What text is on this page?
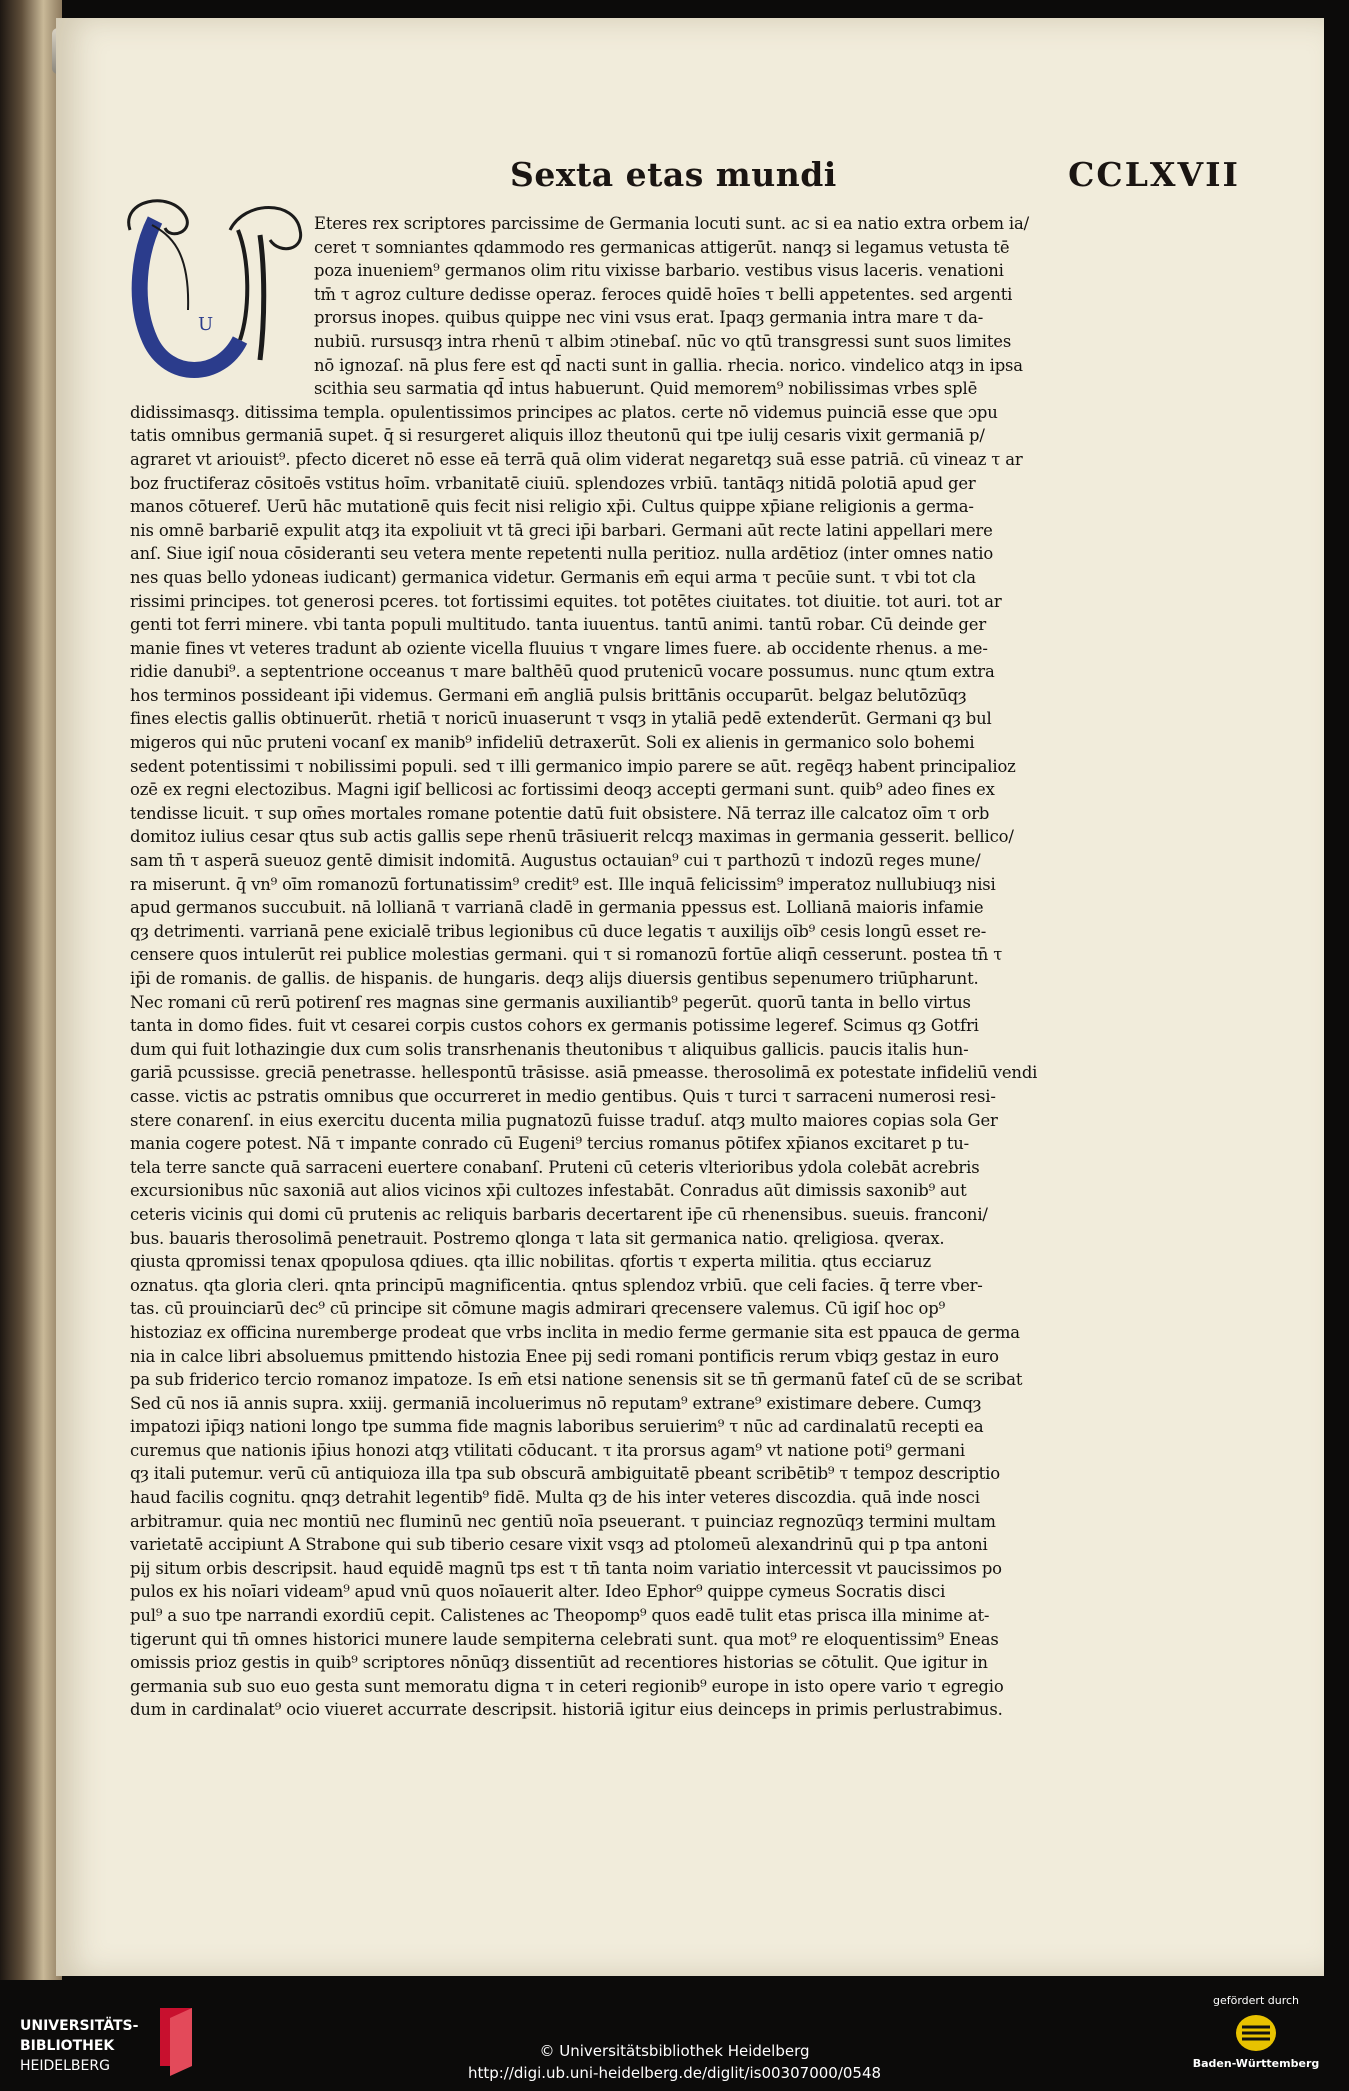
Sexta etas mundi	CCLXVII
U
Eteres rex scriptores parcissime de Germania locuti sunt. ac si ea natio extra orbem ia/
ceret τ somniantes qdammodo res germanicas attigerūt. nanqȝ si legamus vetusta tē
poza inueniem⁹ germanos olim ritu vixisse barbario. vestibus visus laceris. venationi
tm̄ τ agroz culture dedisse operaz. feroces quidē hoīes τ belli appetentes. sed argenti
prorsus inopes. quibus quippe nec vini vsus erat. Ipaqȝ germania intra mare τ da-
nubiū. rursusqȝ intra rhenū τ albim ɔtinebaſ. nūc vo qtū transgressi sunt suos limites
nō ignozaſ. nā plus fere est qd̄ nacti sunt in gallia. rhecia. norico. vindelico atqȝ in ipsa
scithia seu sarmatia qd̄ intus habuerunt. Quid memorem⁹ nobilissimas vrbes splē
didissimasqȝ. ditissima templa. opulentissimos principes ac platos. certe nō videmus puinciā esse que ɔpu
tatis omnibus germaniā supet. q̄ si resurgeret aliquis illoz theutonū qui tpe iulij cesaris vixit germaniā p/
agraret vt ariouist⁹. pfecto diceret nō esse eā terrā quā olim viderat negaretqȝ suā esse patriā. cū vineaz τ ar
boz fructiferaz cōsitoēs vstitus hoīm. vrbanitatē ciuiū. splendozes vrbiū. tantāqȝ nitidā polotiā apud ger
manos cōtueref. Uerū hāc mutationē quis fecit nisi religio xp̄i. Cultus quippe xp̄iane religionis a germa-
nis omnē barbariē expulit atqȝ ita expoliuit vt tā greci ip̄i barbari. Germani aūt recte latini appellari mere
anſ. Siue igiſ noua cōsideranti seu vetera mente repetenti nulla peritioz. nulla ardētioz (inter omnes natio
nes quas bello ydoneas iudicant) germanica videtur. Germanis em̄ equi arma τ pecūie sunt. τ vbi tot cla
rissimi principes. tot generosi pceres. tot fortissimi equites. tot potētes ciuitates. tot diuitie. tot auri. tot ar
genti tot ferri minere. vbi tanta populi multitudo. tanta iuuentus. tantū animi. tantū robar. Cū deinde ger
manie fines vt veteres tradunt ab oziente vicella fluuius τ vngare limes fuere. ab occidente rhenus. a me-
ridie danubi⁹. a septentrione occeanus τ mare balthēū quod prutenicū vocare possumus. nunc qtum extra
hos terminos possideant ip̄i videmus. Germani em̄ angliā pulsis brittānis occuparūt. belgaz belutōzūqȝ
fines electis gallis obtinuerūt. rhetiā τ noricū inuaserunt τ vsqȝ in ytaliā pedē extenderūt. Germani qȝ bul
migeros qui nūc pruteni vocanſ ex manib⁹ infideliū detraxerūt. Soli ex alienis in germanico solo bohemi
sedent potentissimi τ nobilissimi populi. sed τ illi germanico impio parere se aūt. regēqȝ habent principalioz
ozē ex regni electozibus. Magni igiſ bellicosi ac fortissimi deoqȝ accepti germani sunt. quib⁹ adeo fines ex
tendisse licuit. τ sup om̄es mortales romane potentie datū fuit obsistere. Nā terraz ille calcatoz oīm τ orb
domitoz iulius cesar qtus sub actis gallis sepe rhenū trāsiuerit relcqȝ maximas in germania gesserit. bellico/
sam tn̄ τ asperā sueuoz gentē dimisit indomitā. Augustus octauian⁹ cui τ parthozū τ indozū reges mune/
ra miserunt. q̄ vn⁹ oīm romanozū fortunatissim⁹ credit⁹ est. Ille inquā felicissim⁹ imperatoz nullubiuqȝ nisi
apud germanos succubuit. nā lollianā τ varrianā cladē in germania ppessus est. Lollianā maioris infamie
qȝ detrimenti. varrianā pene exicialē tribus legionibus cū duce legatis τ auxilijs oīb⁹ cesis longū esset re-
censere quos intulerūt rei publice molestias germani. qui τ si romanozū fortūe aliqn̄ cesserunt. postea tn̄ τ
ip̄i de romanis. de gallis. de hispanis. de hungaris. deqȝ alijs diuersis gentibus sepenumero triūpharunt.
Nec romani cū rerū potirenſ res magnas sine germanis auxiliantib⁹ pegerūt. quorū tanta in bello virtus
tanta in domo fides. fuit vt cesarei corpis custos cohors ex germanis potissime legeref. Scimus qȝ Gotfri
dum qui fuit lothazingie dux cum solis transrhenanis theutonibus τ aliquibus gallicis. paucis italis hun-
gariā pcussisse. greciā penetrasse. hellespontū trāsisse. asiā pmeasse. therosolimā ex potestate infideliū vendi
casse. victis ac pstratis omnibus que occurreret in medio gentibus. Quis τ turci τ sarraceni numerosi resi-
stere conarenſ. in eius exercitu ducenta milia pugnatozū fuisse traduſ. atqȝ multo maiores copias sola Ger
mania cogere potest. Nā τ impante conrado cū Eugeni⁹ tercius romanus pōtifex xp̄ianos excitaret p tu-
tela terre sancte quā sarraceni euertere conabanſ. Pruteni cū ceteris vlterioribus ydola colebāt acrebris
excursionibus nūc saxoniā aut alios vicinos xp̄i cultozes infestabāt. Conradus aūt dimissis saxonib⁹ aut
ceteris vicinis qui domi cū prutenis ac reliquis barbaris decertarent ip̄e cū rhenensibus. sueuis. franconi/
bus. bauaris therosolimā penetrauit. Postremo qlonga τ lata sit germanica natio. qreligiosa. qverax.
qiusta qpromissi tenax qpopulosa qdiues. qta illic nobilitas. qfortis τ experta militia. qtus ecciaruz
oznatus. qta gloria cleri. qnta principū magnificentia. qntus splendoz vrbiū. que celi facies. q̄ terre vber-
tas. cū prouinciarū dec⁹ cū principe sit cōmune magis admirari qrecensere valemus. Cū igiſ hoc op⁹
histoziaz ex officina nuremberge prodeat que vrbs inclita in medio ferme germanie sita est ppauca de germa
nia in calce libri absoluemus pmittendo histozia Enee pij sedi romani pontificis rerum vbiqȝ gestaz in euro
pa sub friderico tercio romanoz impatoze. Is em̄ etsi natione senensis sit se tn̄ germanū fateſ cū de se scribat
Sed cū nos iā annis supra. xxiij. germaniā incoluerimus nō reputam⁹ extrane⁹ existimare debere. Cumqȝ
impatozi ip̄iqȝ nationi longo tpe summa fide magnis laboribus seruierim⁹ τ nūc ad cardinalatū recepti ea
curemus que nationis ip̄ius honozi atqȝ vtilitati cōducant. τ ita prorsus agam⁹ vt natione poti⁹ germani
qȝ itali putemur. verū cū antiquioza illa tpa sub obscurā ambiguitatē pbeant scribētib⁹ τ tempoz descriptio
haud facilis cognitu. qnqȝ detrahit legentib⁹ fidē. Multa qȝ de his inter veteres discozdia. quā inde nosci
arbitramur. quia nec montiū nec fluminū nec gentiū noīa pseuerant. τ puinciaz regnozūqȝ termini multam
varietatē accipiunt A Strabone qui sub tiberio cesare vixit vsqȝ ad ptolomeū alexandrinū qui p tpa antoni
pij situm orbis descripsit. haud equidē magnū tps est τ tn̄ tanta noim variatio intercessit vt paucissimos po
pulos ex his noīari videam⁹ apud vnū quos noīauerit alter. Ideo Ephor⁹ quippe cymeus Socratis disci
pul⁹ a suo tpe narrandi exordiū cepit. Calistenes ac Theopomp⁹ quos eadē tulit etas prisca illa minime at-
tigerunt qui tn̄ omnes historici munere laude sempiterna celebrati sunt. qua mot⁹ re eloquentissim⁹ Eneas
omissis prioz gestis in quib⁹ scriptores nōnūqȝ dissentiūt ad recentiores historias se cōtulit. Que igitur in
germania sub suo euo gesta sunt memoratu digna τ in ceteri regionib⁹ europe in isto opere vario τ egregio
dum in cardinalat⁹ ocio viueret accurrate descripsit. historiā igitur eius deinceps in primis perlustrabimus.
UNIVERSITÄTS-
BIBLIOTHEK
HEIDELBERG
© Universitätsbibliothek Heidelberg
http://digi.ub.uni-heidelberg.de/diglit/is00307000/0548
gefördert durch
Baden-Württemberg
